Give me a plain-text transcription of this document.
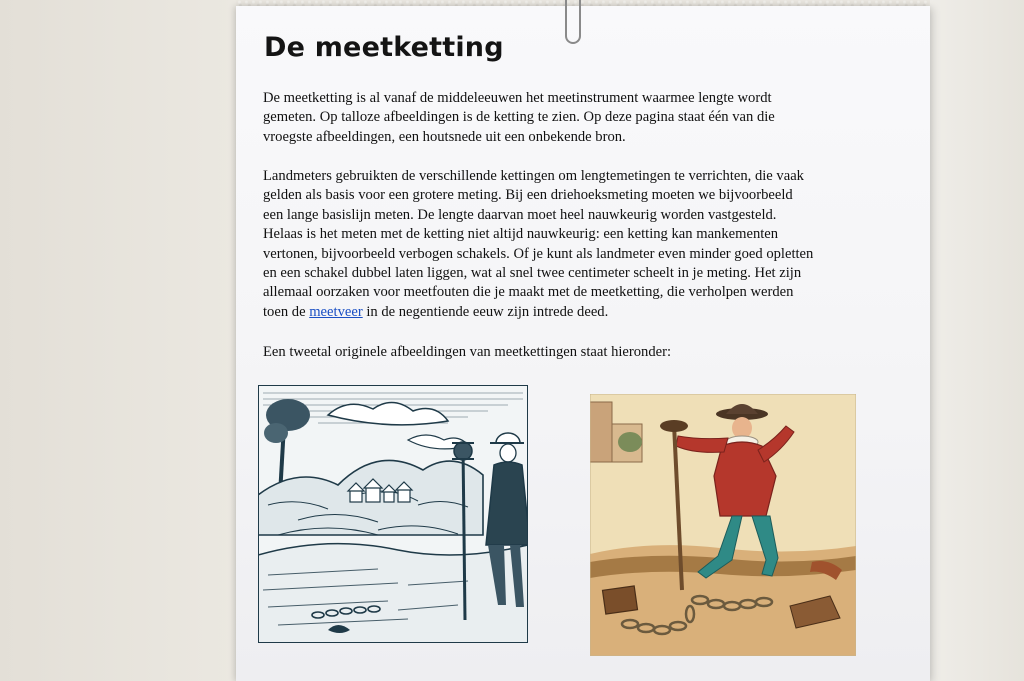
De meetketting

De meetketting is al vanaf de middeleeuwen het meetinstrument waarmee lengte wordt
gemeten. Op talloze afbeeldingen is de ketting te zien. Op deze pagina staat één van die
vroegste afbeeldingen, een houtsnede uit een onbekende bron.

Landmeters gebruikten de verschillende kettingen om lengtemetingen te verrichten, die vaak
gelden als basis voor een grotere meting. Bij een driehoeksmeting moeten we bijvoorbeeld
een lange basislijn meten. De lengte daarvan moet heel nauwkeurig worden vastgesteld.
Helaas is het meten met de ketting niet altijd nauwkeurig: een ketting kan mankementen
vertonen, bijvoorbeeld verbogen schakels. Of je kunt als landmeter even minder goed opletten
en een schakel dubbel laten liggen, wat al snel twee centimeter scheelt in je meting. Het zijn
allemaal oorzaken voor meetfouten die je maakt met de meetketting, die verholpen werden
toen de meetveer in de negentiende eeuw zijn intrede deed.

Een tweetal originele afbeeldingen van meetkettingen staat hieronder:
